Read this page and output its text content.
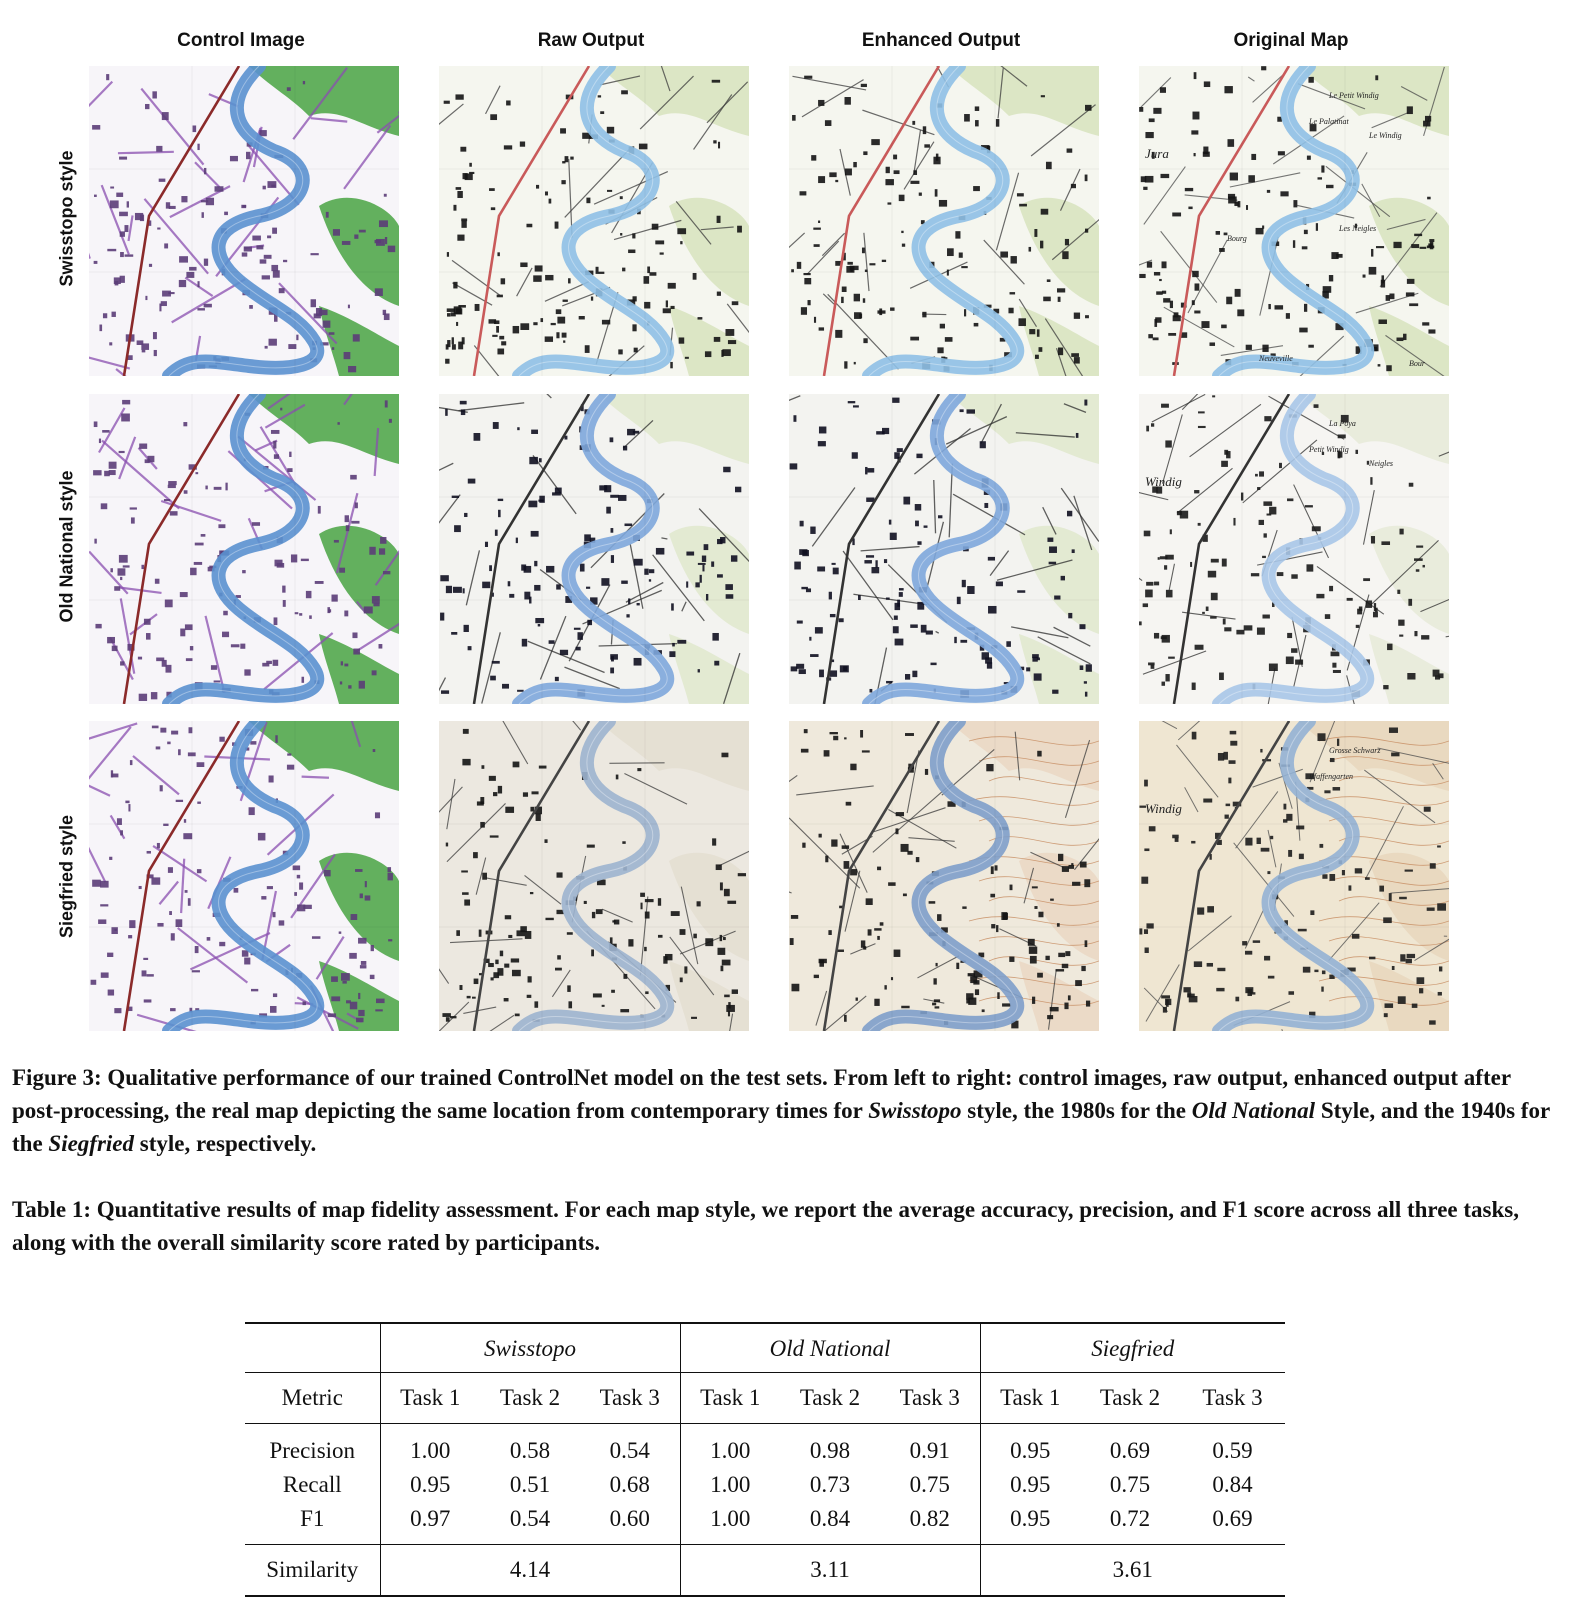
Control Image	Raw Output	Enhanced Output	Original Map
Swisstopo style
Old National style
Siegfried style
Jura
Le Palatinat
Le Petit Windig
Le Windig
Les Neigles
Bourg
Neuveville
Bour
Windig
Petit Windig
La Poya
Neigles
Windig
Pfaffengarten
Grosse Schwarz
Figure 3: Qualitative performance of our trained ControlNet model on the test sets. From left to right: control images, raw output, enhanced output after post-processing, the real map depicting the same location from contemporary times for Swisstopo style, the 1980s for the Old National Style, and the 1940s for the Siegfried style, respectively.
Table 1: Quantitative results of map fidelity assessment. For each map style, we report the average accuracy, precision, and F1 score across all three tasks, along with the overall similarity score rated by participants.
	Swisstopo			Old National			Siegfried		
Metric	Task 1	Task 2	Task 3	Task 1	Task 2	Task 3	Task 1	Task 2	Task 3
Precision	1.00	0.58	0.54	1.00	0.98	0.91	0.95	0.69	0.59
Recall	0.95	0.51	0.68	1.00	0.73	0.75	0.95	0.75	0.84
F1	0.97	0.54	0.60	1.00	0.84	0.82	0.95	0.72	0.69
Similarity	4.14			3.11			3.61		
